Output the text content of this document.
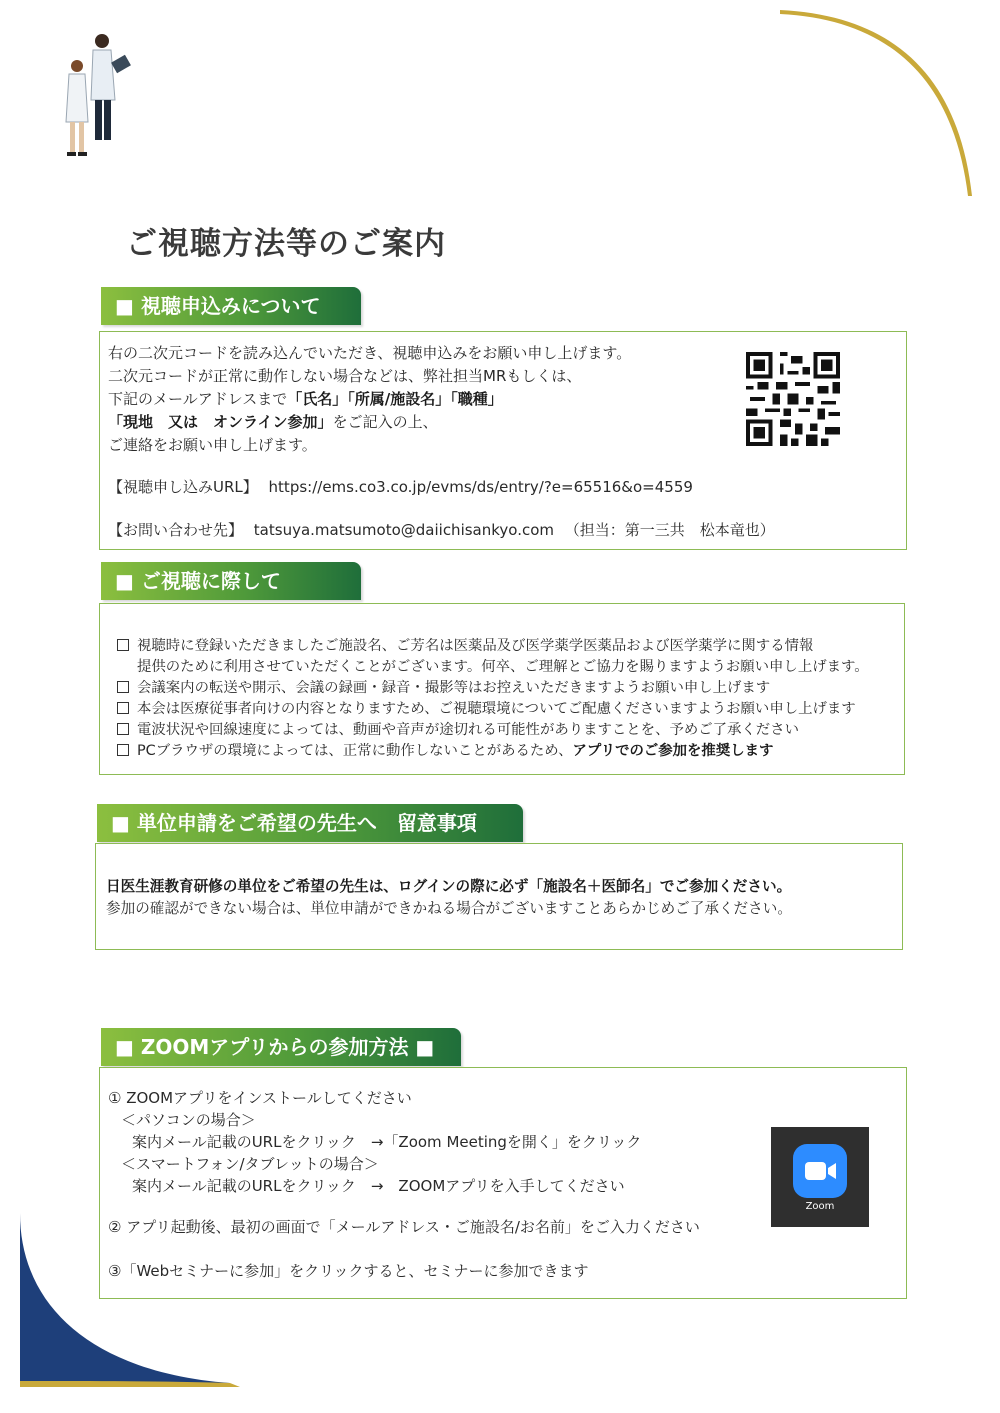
ご視聴方法等のご案内
■ 視聴申込みについて
右の二次元コードを読み込んでいただき、視聴申込みをお願い申し上げます。
二次元コードが正常に動作しない場合などは、弊社担当MRもしくは、
下記のメールアドレスまで「氏名」「所属/施設名」「職種」
「現地　又は　オンライン参加」をご記入の上、
ご連絡をお願い申し上げます。
【視聴申し込みURL】 https://ems.co3.co.jp/evms/ds/entry/?e=65516&o=4559
【お問い合わせ先】 tatsuya.matsumoto@daiichisankyo.com （担当：第一三共　松本竜也）
■ ご視聴に際して
視聴時に登録いただきましたご施設名、ご芳名は医薬品及び医学薬学医薬品および医学薬学に関する情報
提供のために利用させていただくことがございます。何卒、ご理解とご協力を賜りますようお願い申し上げます。
会議案内の転送や開示、会議の録画・録音・撮影等はお控えいただきますようお願い申し上げます
本会は医療従事者向けの内容となりますため、ご視聴環境についてご配慮くださいますようお願い申し上げます
電波状況や回線速度によっては、動画や音声が途切れる可能性がありますことを、予めご了承ください
PCブラウザの環境によっては、正常に動作しないことがあるため、アプリでのご参加を推奨します
■ 単位申請をご希望の先生へ　留意事項
日医生涯教育研修の単位をご希望の先生は、ログインの際に必ず「施設名＋医師名」でご参加ください。
参加の確認ができない場合は、単位申請ができかねる場合がございますことあらかじめご了承ください。
■ ZOOMアプリからの参加方法 ■
① ZOOMアプリをインストールしてください
＜パソコンの場合＞
案内メール記載のURLをクリック　→「Zoom Meetingを開く」をクリック
＜スマートフォン/タブレットの場合＞
案内メール記載のURLをクリック　→　ZOOMアプリを入手してください
② アプリ起動後、最初の画面で「メールアドレス・ご施設名/お名前」をご入力ください
③「Webセミナーに参加」をクリックすると、セミナーに参加できます
Zoom
